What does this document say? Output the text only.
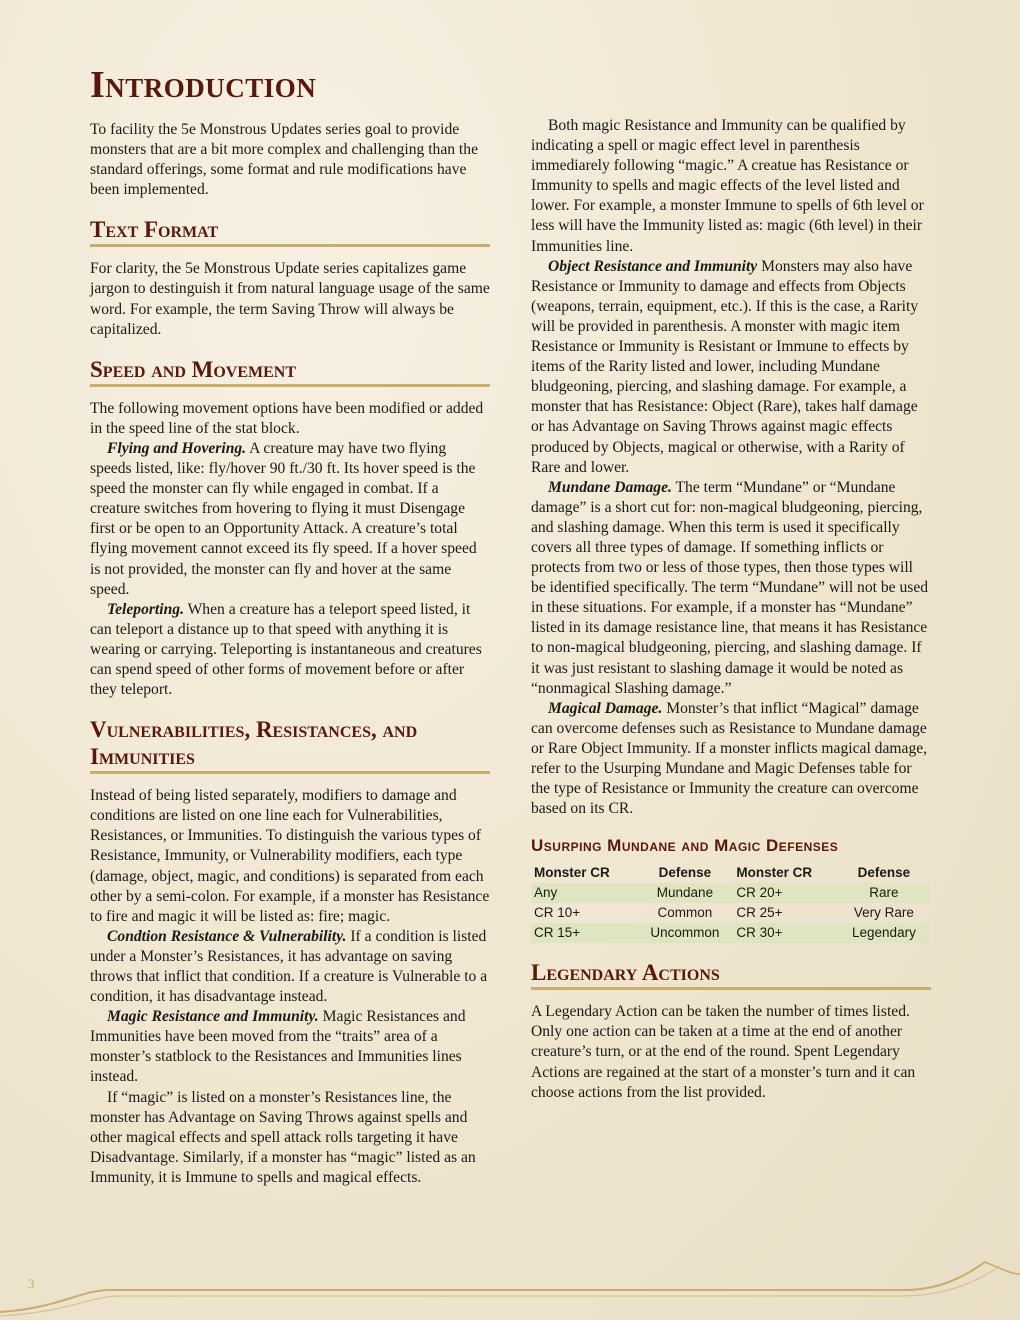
Introduction

To facility the 5e Monstrous Updates series goal to provide monsters that are a bit more complex and challenging than the standard offerings, some format and rule modifications have been implemented.

Text Format

For clarity, the 5e Monstrous Update series capitalizes game jargon to destinguish it from natural language usage of the same word. For example, the term Saving Throw will always be capitalized.

Speed and Movement

The following movement options have been modified or added in the speed line of the stat block.

Flying and Hovering. A creature may have two flying speeds listed, like: fly/hover 90 ft./30 ft. Its hover speed is the speed the monster can fly while engaged in combat. If a creature switches from hovering to flying it must Disengage first or be open to an Opportunity Attack. A creature’s total flying movement cannot exceed its fly speed. If a hover speed is not provided, the monster can fly and hover at the same speed.

Teleporting. When a creature has a teleport speed listed, it can teleport a distance up to that speed with anything it is wearing or carrying. Teleporting is instantaneous and creatures can spend speed of other forms of movement before or after they teleport.

Vulnerabilities, Resistances, and Immunities

Instead of being listed separately, modifiers to damage and conditions are listed on one line each for Vulnerabilities, Resistances, or Immunities. To distinguish the various types of Resistance, Immunity, or Vulnerability modifiers, each type (damage, object, magic, and conditions) is separated from each other by a semi-colon. For example, if a monster has Resistance to fire and magic it will be listed as: fire; magic.

Condtion Resistance & Vulnerability. If a condition is listed under a Monster’s Resistances, it has advantage on saving throws that inflict that condition. If a creature is Vulnerable to a condition, it has disadvantage instead.

Magic Resistance and Immunity. Magic Resistances and Immunities have been moved from the “traits” area of a monster’s statblock to the Resistances and Immunities lines instead.

If “magic” is listed on a monster’s Resistances line, the monster has Advantage on Saving Throws against spells and other magical effects and spell attack rolls targeting it have Disadvantage. Similarly, if a monster has “magic” listed as an Immunity, it is Immune to spells and magical effects.

Both magic Resistance and Immunity can be qualified by indicating a spell or magic effect level in parenthesis immediarely following “magic.” A creatue has Resistance or Immunity to spells and magic effects of the level listed and lower. For example, a monster Immune to spells of 6th level or less will have the Immunity listed as: magic (6th level) in their Immunities line.

Object Resistance and Immunity Monsters may also have Resistance or Immunity to damage and effects from Objects (weapons, terrain, equipment, etc.). If this is the case, a Rarity will be provided in parenthesis. A monster with magic item Resistance or Immunity is Resistant or Immune to effects by items of the Rarity listed and lower, including Mundane bludgeoning, piercing, and slashing damage. For example, a monster that has Resistance: Object (Rare), takes half damage or has Advantage on Saving Throws against magic effects produced by Objects, magical or otherwise, with a Rarity of Rare and lower.

Mundane Damage. The term “Mundane” or “Mundane damage” is a short cut for: non-magical bludgeoning, piercing, and slashing damage. When this term is used it specifically covers all three types of damage. If something inflicts or protects from two or less of those types, then those types will be identified specifically. The term “Mundane” will not be used in these situations. For example, if a monster has “Mundane” listed in its damage resistance line, that means it has Resistance to non-magical bludgeoning, piercing, and slashing damage. If it was just resistant to slashing damage it would be noted as “nonmagical Slashing damage.”

Magical Damage. Monster’s that inflict “Magical” damage can overcome defenses such as Resistance to Mundane damage or Rare Object Immunity. If a monster inflicts magical damage, refer to the Usurping Mundane and Magic Defenses table for the type of Resistance or Immunity the creature can overcome based on its CR.

Usurping Mundane and Magic Defenses
Monster CR	Defense	Monster CR	Defense
Any	Mundane	CR 20+	Rare
CR 10+	Common	CR 25+	Very Rare
CR 15+	Uncommon	CR 30+	Legendary
Legendary Actions

A Legendary Action can be taken the number of times listed. Only one action can be taken at a time at the end of another creature’s turn, or at the end of the round. Spent Legendary Actions are regained at the start of a monster’s turn and it can choose actions from the list provided.

3
